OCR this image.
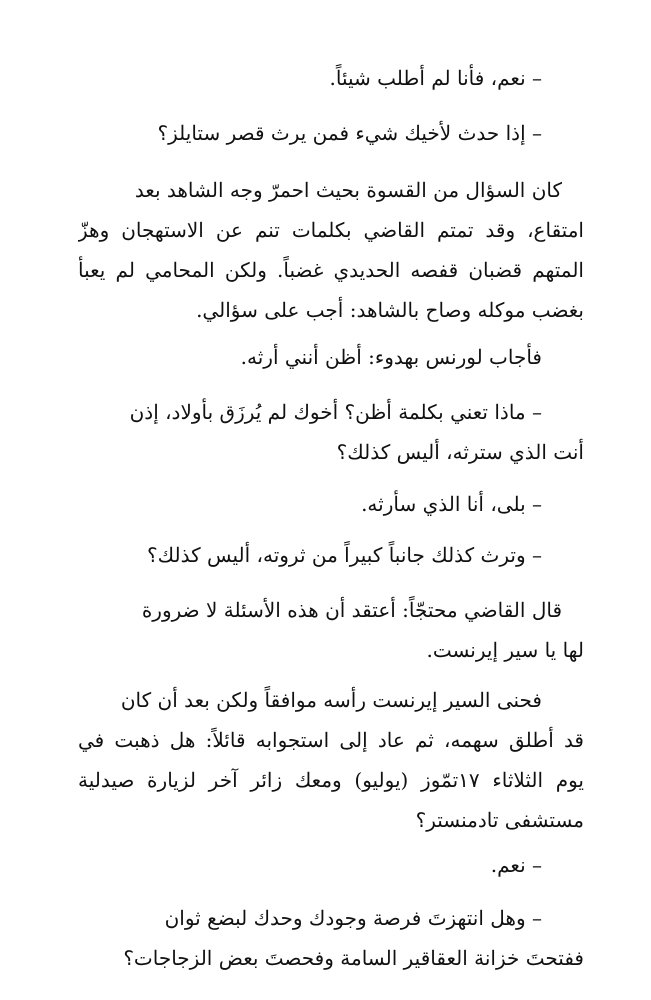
– نعم، فأنا لم أطلب شيئاً.
– إذا حدث لأخيك شيء فمن يرث قصر ستايلز؟
كان السؤال من القسوة بحيث احمرّ وجه الشاهد بعد
امتقاع، وقد تمتم القاضي بكلمات تنم عن الاستهجان وهزّ
المتهم قضبان قفصه الحديدي غضباً. ولكن المحامي لم يعبأ
بغضب موكله وصاح بالشاهد: أجب على سؤالي.
فأجاب لورنس بهدوء: أظن أنني أرثه.
– ماذا تعني بكلمة أظن؟ أخوك لم يُرزَق بأولاد، إذن
أنت الذي سترثه، أليس كذلك؟
– بلى، أنا الذي سأرثه.
– وترث كذلك جانباً كبيراً من ثروته، أليس كذلك؟
قال القاضي محتجّاً: أعتقد أن هذه الأسئلة لا ضرورة
لها يا سير إيرنست.
فحنى السير إيرنست رأسه موافقاً ولكن بعد أن كان
قد أطلق سهمه، ثم عاد إلى استجوابه قائلاً: هل ذهبت في
يوم الثلاثاء ١٧تمّوز (يوليو) ومعك زائر آخر لزيارة صيدلية
مستشفى تادمنستر؟
– نعم.
– وهل انتهزتَ فرصة وجودك وحدك لبضع ثوان
ففتحتَ خزانة العقاقير السامة وفحصتَ بعض الزجاجات؟
